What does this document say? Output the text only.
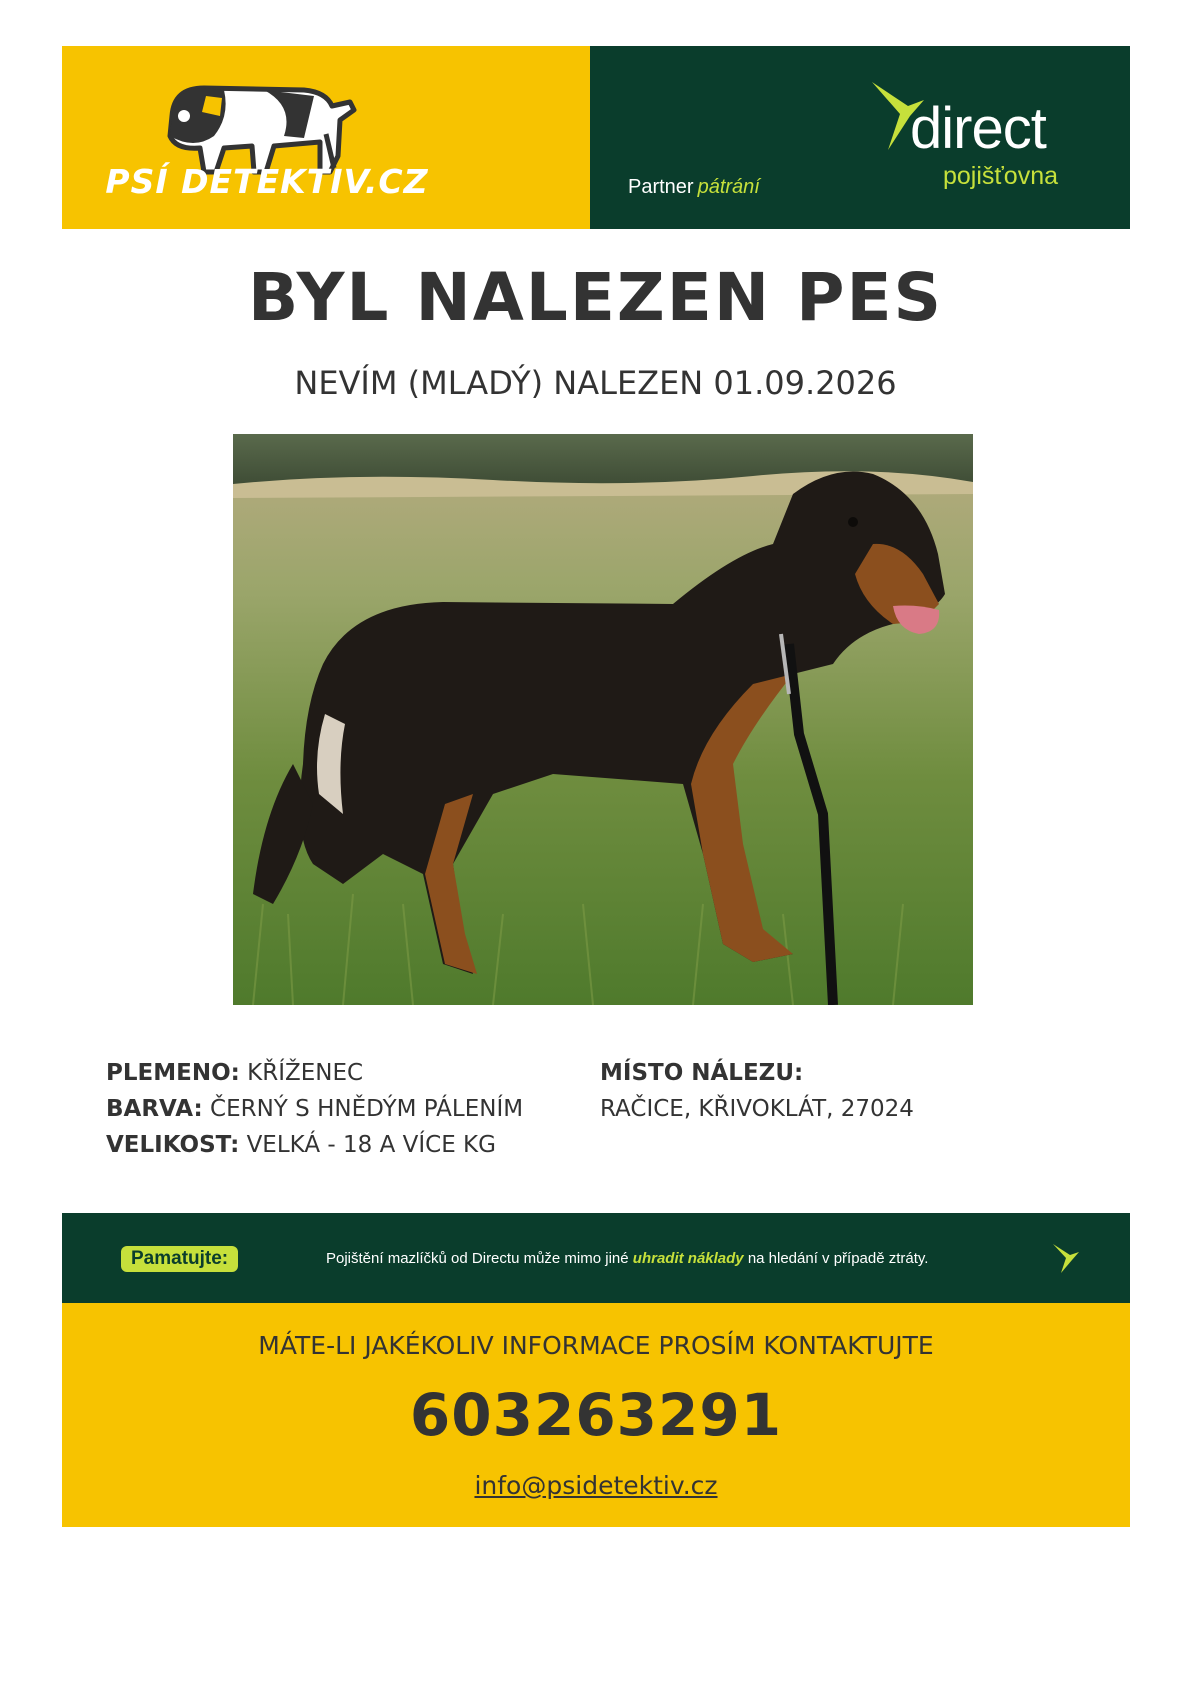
PSÍ DETEKTIV.CZ	Partner pátrání
direct
pojišťovna
BYL NALEZEN PES
NEVÍM (MLADÝ) NALEZEN 01.09.2026
PLEMENO: KŘÍŽENEC
BARVA: ČERNÝ S HNĚDÝM PÁLENÍM
VELIKOST: VELKÁ - 18 A VÍCE KG
MÍSTO NÁLEZU:
RAČICE, KŘIVOKLÁT, 27024
Pamatujte:	Pojištění mazlíčků od Directu může mimo jiné uhradit náklady na hledání v případě ztráty.
MÁTE-LI JAKÉKOLIV INFORMACE PROSÍM KONTAKTUJTE
603263291
info@psidetektiv.cz
